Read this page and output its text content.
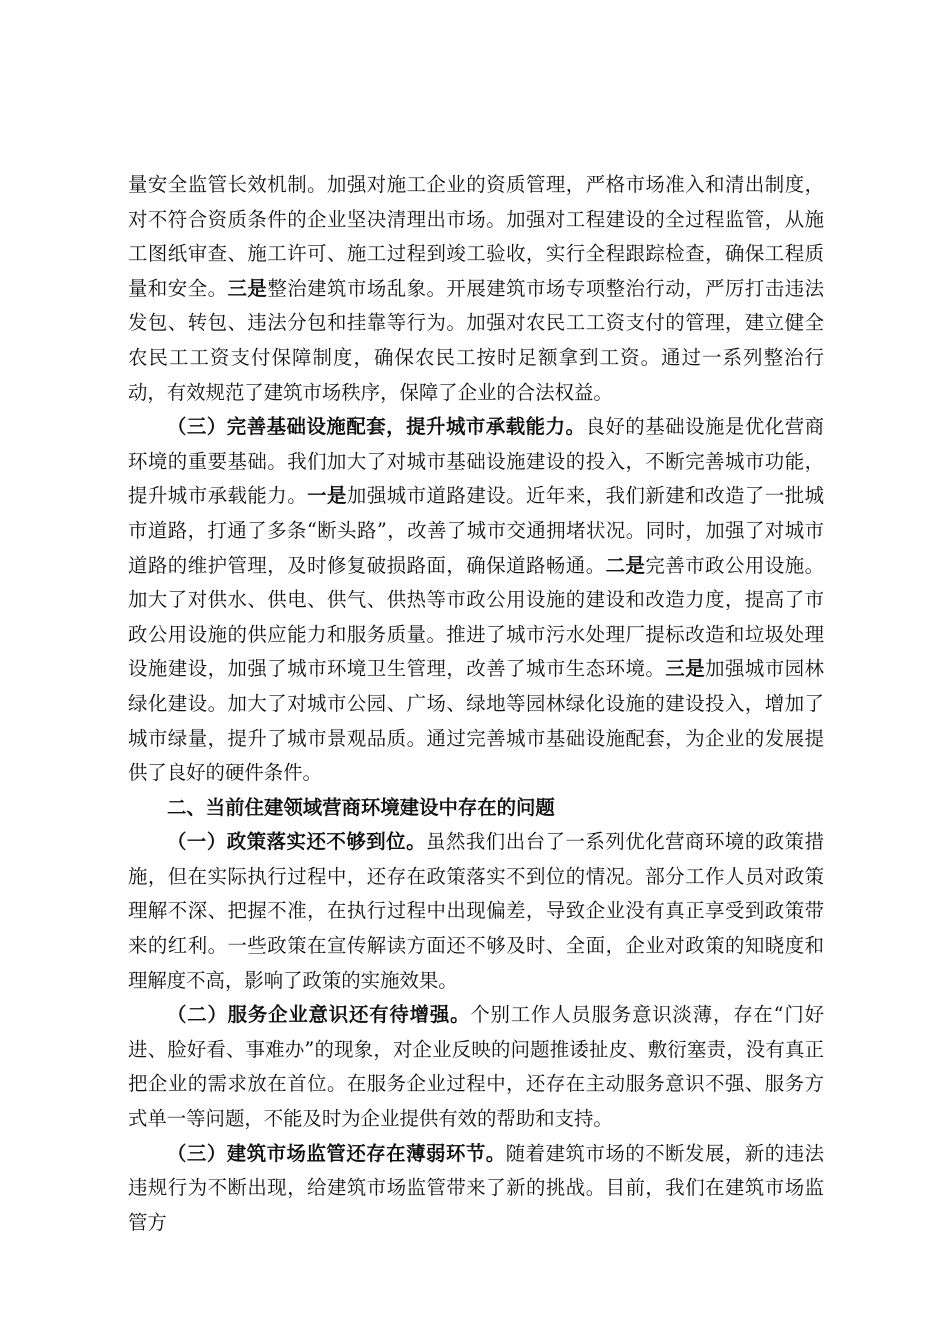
量安全监管长效机制。加强对施工企业的资质管理，严格市场准入和清出制度，对不符合资质条件的企业坚决清理出市场。加强对工程建设的全过程监管，从施工图纸审查、施工许可、施工过程到竣工验收，实行全程跟踪检查，确保工程质量和安全。三是整治建筑市场乱象。开展建筑市场专项整治行动，严厉打击违法发包、转包、违法分包和挂靠等行为。加强对农民工工资支付的管理，建立健全农民工工资支付保障制度，确保农民工按时足额拿到工资。通过一系列整治行动，有效规范了建筑市场秩序，保障了企业的合法权益。

（三）完善基础设施配套，提升城市承载能力。良好的基础设施是优化营商环境的重要基础。我们加大了对城市基础设施建设的投入，不断完善城市功能，提升城市承载能力。一是加强城市道路建设。近年来，我们新建和改造了一批城市道路，打通了多条“断头路”，改善了城市交通拥堵状况。同时，加强了对城市道路的维护管理，及时修复破损路面，确保道路畅通。二是完善市政公用设施。加大了对供水、供电、供气、供热等市政公用设施的建设和改造力度，提高了市政公用设施的供应能力和服务质量。推进了城市污水处理厂提标改造和垃圾处理设施建设，加强了城市环境卫生管理，改善了城市生态环境。三是加强城市园林绿化建设。加大了对城市公园、广场、绿地等园林绿化设施的建设投入，增加了城市绿量，提升了城市景观品质。通过完善城市基础设施配套，为企业的发展提供了良好的硬件条件。

二、当前住建领域营商环境建设中存在的问题

（一）政策落实还不够到位。虽然我们出台了一系列优化营商环境的政策措施，但在实际执行过程中，还存在政策落实不到位的情况。部分工作人员对政策理解不深、把握不准，在执行过程中出现偏差，导致企业没有真正享受到政策带来的红利。一些政策在宣传解读方面还不够及时、全面，企业对政策的知晓度和理解度不高，影响了政策的实施效果。

（二）服务企业意识还有待增强。个别工作人员服务意识淡薄，存在“门好进、脸好看、事难办”的现象，对企业反映的问题推诿扯皮、敷衍塞责，没有真正把企业的需求放在首位。在服务企业过程中，还存在主动服务意识不强、服务方式单一等问题，不能及时为企业提供有效的帮助和支持。

（三）建筑市场监管还存在薄弱环节。随着建筑市场的不断发展，新的违法违规行为不断出现，给建筑市场监管带来了新的挑战。目前，我们在建筑市场监管方
